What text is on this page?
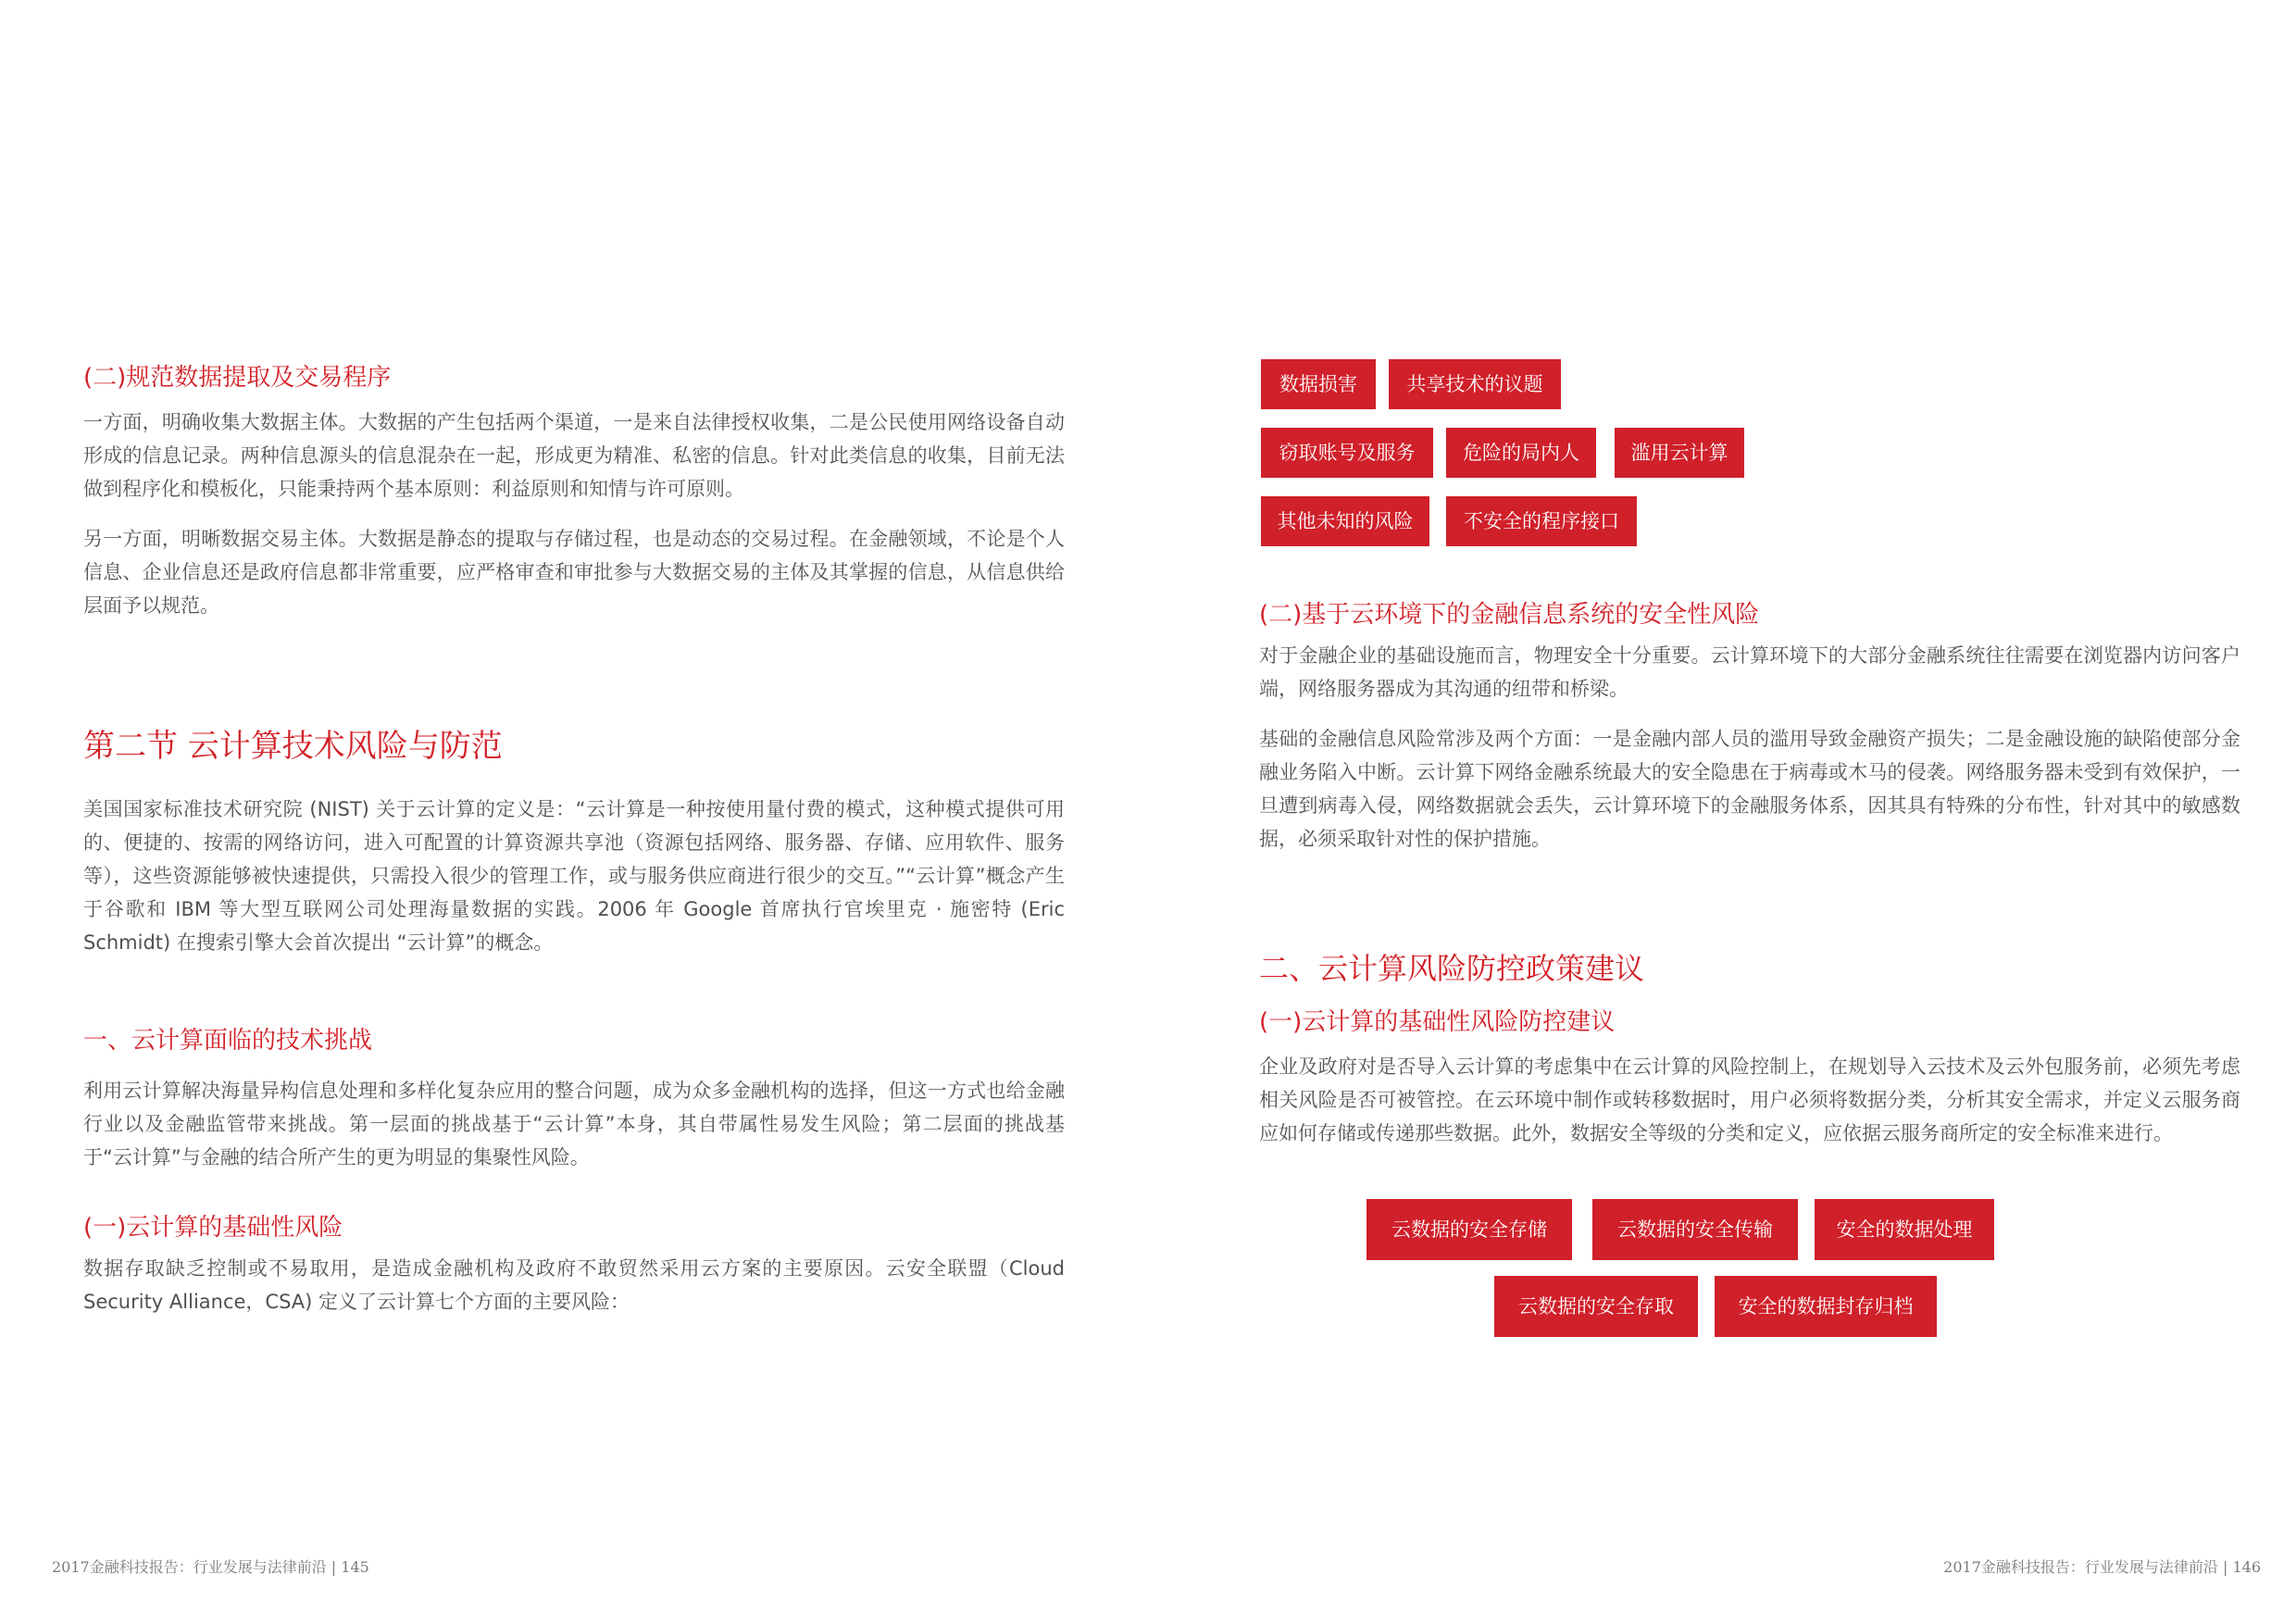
(二)规范数据提取及交易程序

一方面，明确收集大数据主体。大数据的产生包括两个渠道，一是来自法律授权收集，二是公民使用网络设备自动形成的信息记录。两种信息源头的信息混杂在一起，形成更为精准、私密的信息。针对此类信息的收集，目前无法做到程序化和模板化，只能秉持两个基本原则：利益原则和知情与许可原则。

另一方面，明晰数据交易主体。大数据是静态的提取与存储过程，也是动态的交易过程。在金融领域，不论是个人信息、企业信息还是政府信息都非常重要，应严格审查和审批参与大数据交易的主体及其掌握的信息，从信息供给层面予以规范。

第二节 云计算技术风险与防范

美国国家标准技术研究院 (NIST) 关于云计算的定义是：“云计算是一种按使用量付费的模式，这种模式提供可用的、便捷的、按需的网络访问，进入可配置的计算资源共享池（资源包括网络、服务器、存储、应用软件、服务等），这些资源能够被快速提供，只需投入很少的管理工作，或与服务供应商进行很少的交互。”“云计算”概念产生于谷歌和 IBM 等大型互联网公司处理海量数据的实践。2006 年 Google 首席执行官埃里克 · 施密特 (Eric Schmidt) 在搜索引擎大会首次提出 “云计算”的概念。

一、云计算面临的技术挑战

利用云计算解决海量异构信息处理和多样化复杂应用的整合问题，成为众多金融机构的选择，但这一方式也给金融行业以及金融监管带来挑战。第一层面的挑战基于“云计算”本身，其自带属性易发生风险；第二层面的挑战基于“云计算”与金融的结合所产生的更为明显的集聚性风险。

(一)云计算的基础性风险

数据存取缺乏控制或不易取用，是造成金融机构及政府不敢贸然采用云方案的主要原因。云安全联盟（Cloud Security Alliance，CSA) 定义了云计算七个方面的主要风险：

数据损害	共享技术的议题
窃取账号及服务	危险的局内人	滥用云计算
其他未知的风险	不安全的程序接口
(二)基于云环境下的金融信息系统的安全性风险

对于金融企业的基础设施而言，物理安全十分重要。云计算环境下的大部分金融系统往往需要在浏览器内访问客户端，网络服务器成为其沟通的纽带和桥梁。

基础的金融信息风险常涉及两个方面：一是金融内部人员的滥用导致金融资产损失；二是金融设施的缺陷使部分金融业务陷入中断。云计算下网络金融系统最大的安全隐患在于病毒或木马的侵袭。网络服务器未受到有效保护，一旦遭到病毒入侵，网络数据就会丢失，云计算环境下的金融服务体系，因其具有特殊的分布性，针对其中的敏感数据，必须采取针对性的保护措施。

二、云计算风险防控政策建议
(一)云计算的基础性风险防控建议

企业及政府对是否导入云计算的考虑集中在云计算的风险控制上，在规划导入云技术及云外包服务前，必须先考虑相关风险是否可被管控。在云环境中制作或转移数据时，用户必须将数据分类，分析其安全需求，并定义云服务商应如何存储或传递那些数据。此外，数据安全等级的分类和定义，应依据云服务商所定的安全标准来进行。

云数据的安全存储	云数据的安全传输	安全的数据处理
云数据的安全存取	安全的数据封存归档
2017金融科技报告：行业发展与法律前沿 | 145	2017金融科技报告：行业发展与法律前沿 | 146
